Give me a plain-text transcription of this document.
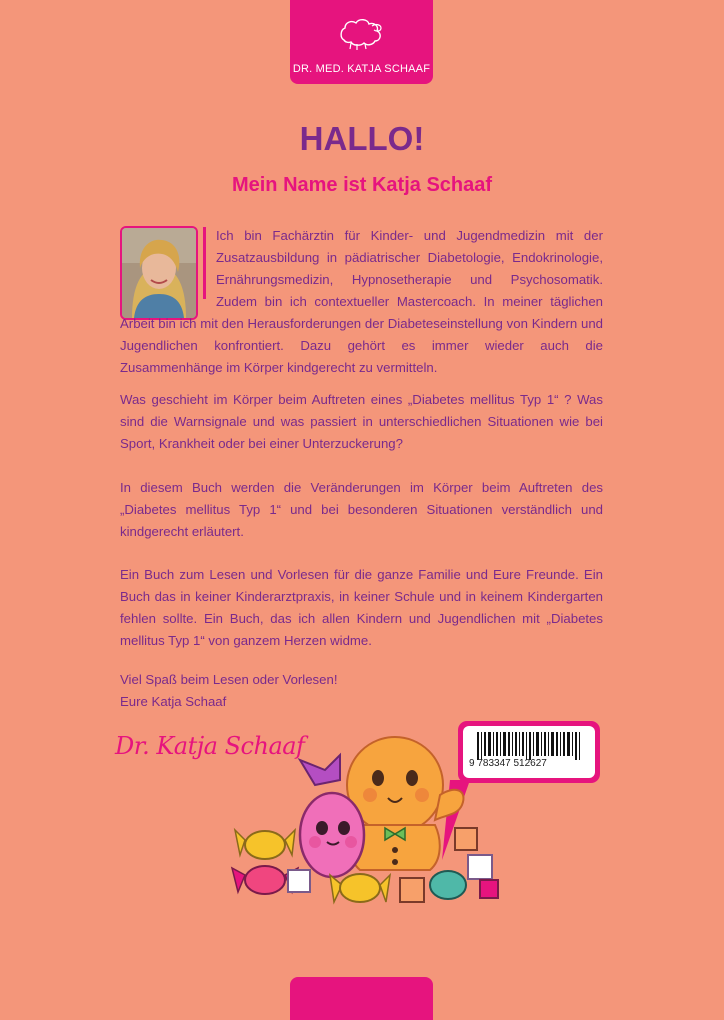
DR. MED. KATJA SCHAAF
HALLO!
Mein Name ist Katja Schaaf

Ich bin Fachärztin für Kinder- und Jugendmedizin mit der Zusatzausbildung in pädiatrischer Diabetologie, Endokrinologie, Ernährungsmedizin, Hypnosetherapie und Psychosomatik. Zudem bin ich contextueller Mastercoach. In meiner täglichen Arbeit bin ich mit den Herausforderungen der Diabeteseinstellung von Kindern und Jugendlichen konfrontiert. Dazu gehört es immer wieder auch die Zusammenhänge im Körper kindgerecht zu vermitteln.

Was geschieht im Körper beim Auftreten eines „Diabetes mellitus Typ 1“ ? Was sind die Warnsignale und was passiert in unterschiedlichen Situationen wie bei Sport, Krankheit oder bei einer Unterzuckerung?

In diesem Buch werden die Veränderungen im Körper beim Auftreten des „Diabetes mellitus Typ 1“ und bei besonderen Situationen verständlich und kindgerecht erläutert.

Ein Buch zum Lesen und Vorlesen für die ganze Familie und Eure Freunde. Ein Buch das in keiner Kinderarztpraxis, in keiner Schule und in keinem Kindergarten fehlen sollte. Ein Buch, das ich allen Kindern und Jugendlichen mit „Diabetes mellitus Typ 1“ von ganzem Herzen widme.

Viel Spaß beim Lesen oder Vorlesen!

Eure Katja Schaaf

Dr. Katja Schaaf
9 783347 512627
